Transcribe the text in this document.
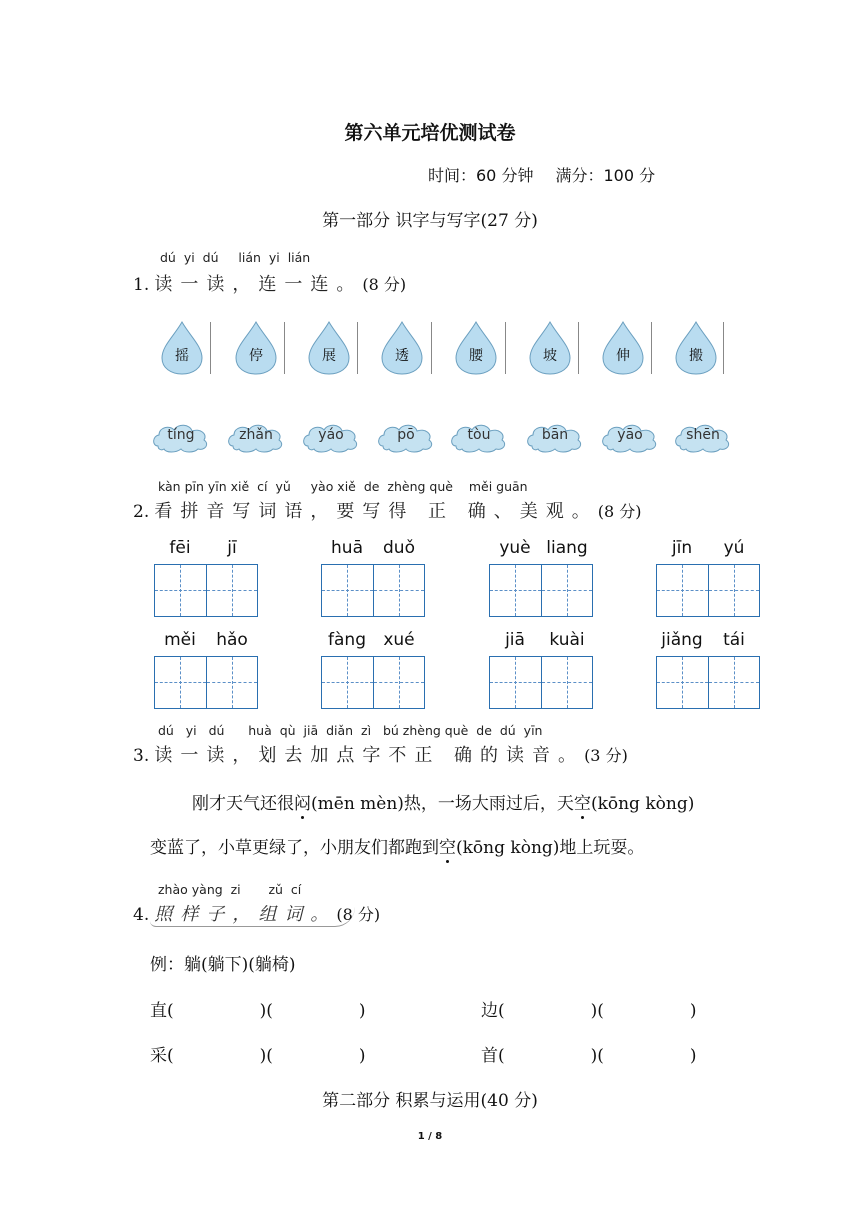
第六单元培优测试卷
时间：60 分钟 满分：100 分
第一部分 识字与写字(27 分)
dú yi dú lián yi lián
1. 读一读，连一连。(8 分)
摇	停	展	透	腰	坡	伸	搬
tíng	zhǎn	yáo	pō	tòu	bān	yāo	shēn
kàn pīn yīn xiě  cí  yǔ     yào xiě  de  zhèng què    měi guān
2. 看拼音写词语，要写得 正 确、美观。(8 分)
fēi	jī	huā	duǒ	yuè liang	jīn	yú
měi	hǎo	fàng	xué	jiā	kuài	jiǎng	tái
dú   yi   dú      huà  qù  jiā  diǎn  zì   bú zhèng què  de  dú  yīn
3. 读一读，划去加点字不正 确的读音。(3 分)
刚才天气还很闷(mēn mèn)热，一场大雨过后，天空(kōng kòng)
变蓝了，小草更绿了，小朋友们都跑到空(kōng kòng)地上玩耍。
zhào yàng  zi       zǔ  cí
4. 照样子，组词。(8 分)
例：躺(躺下)(躺椅)
直(	)(	)	边(	)(	)
采(	)(	)	首(	)(	)
第二部分 积累与运用(40 分)
1 / 8
